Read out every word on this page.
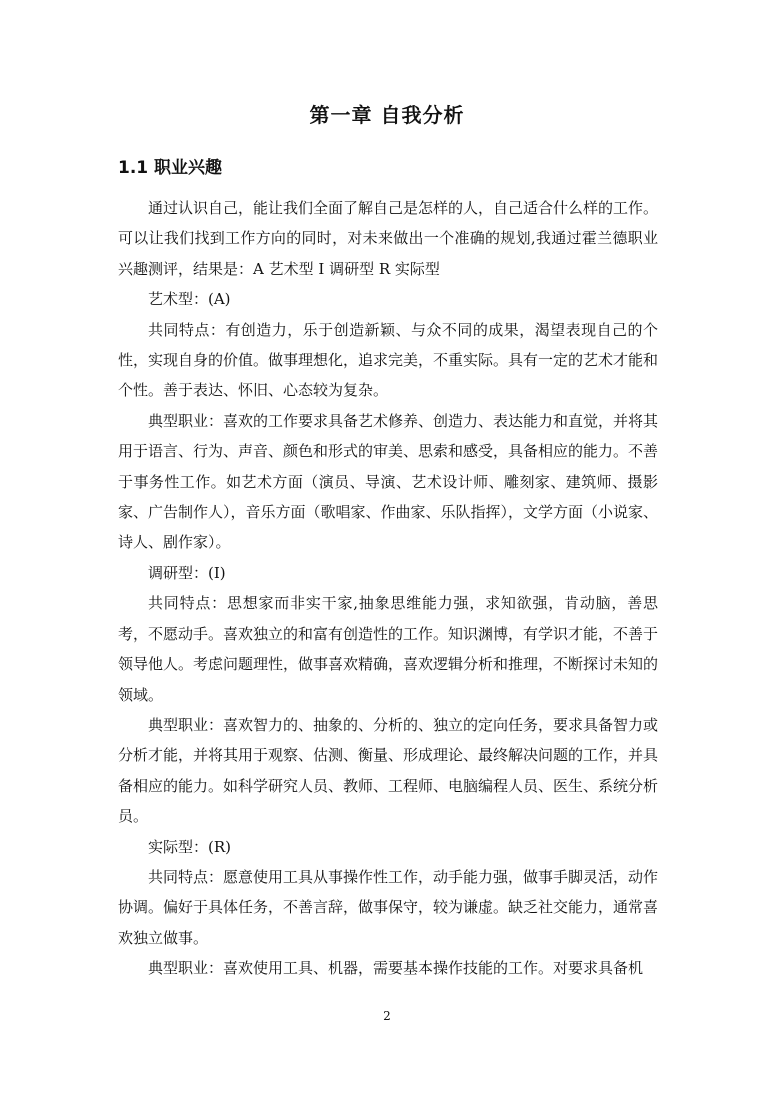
第一章 自我分析
1.1 职业兴趣

通过认识自己，能让我们全面了解自己是怎样的人，自己适合什么样的工作。可以让我们找到工作方向的同时，对未来做出一个准确的规划,我通过霍兰德职业兴趣测评，结果是：A 艺术型 I 调研型 R 实际型

艺术型：(A)

共同特点：有创造力，乐于创造新颖、与众不同的成果，渴望表现自己的个性，实现自身的价值。做事理想化，追求完美，不重实际。具有一定的艺术才能和个性。善于表达、怀旧、心态较为复杂。

典型职业：喜欢的工作要求具备艺术修养、创造力、表达能力和直觉，并将其用于语言、行为、声音、颜色和形式的审美、思索和感受，具备相应的能力。不善于事务性工作。如艺术方面（演员、导演、艺术设计师、雕刻家、建筑师、摄影家、广告制作人），音乐方面（歌唱家、作曲家、乐队指挥），文学方面（小说家、诗人、剧作家）。

调研型：(I)

共同特点：思想家而非实干家,抽象思维能力强，求知欲强，肯动脑，善思考，不愿动手。喜欢独立的和富有创造性的工作。知识渊博，有学识才能，不善于领导他人。考虑问题理性，做事喜欢精确，喜欢逻辑分析和推理，不断探讨未知的领域。

典型职业：喜欢智力的、抽象的、分析的、独立的定向任务，要求具备智力或分析才能，并将其用于观察、估测、衡量、形成理论、最终解决问题的工作，并具备相应的能力。如科学研究人员、教师、工程师、电脑编程人员、医生、系统分析员。

实际型：(R)

共同特点：愿意使用工具从事操作性工作，动手能力强，做事手脚灵活，动作协调。偏好于具体任务，不善言辞，做事保守，较为谦虚。缺乏社交能力，通常喜欢独立做事。

典型职业：喜欢使用工具、机器，需要基本操作技能的工作。对要求具备机

2
